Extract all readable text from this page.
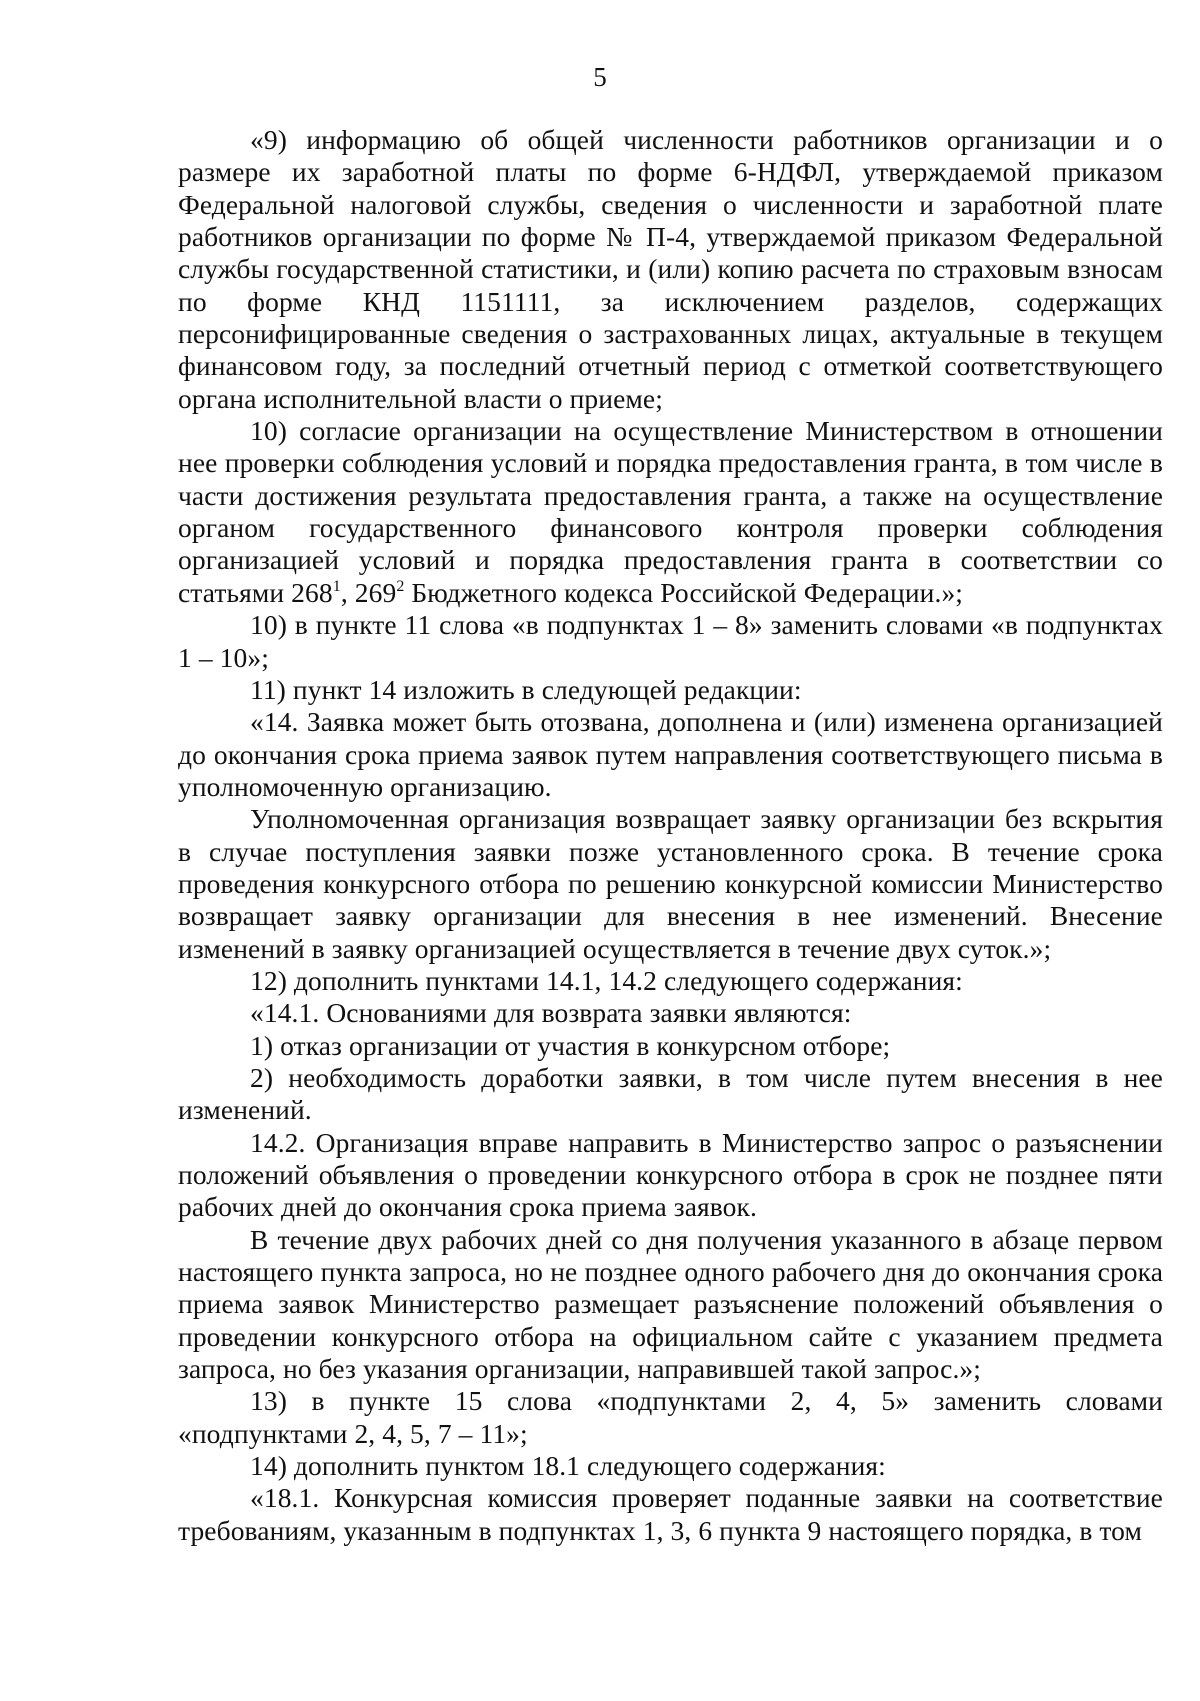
5

«9) информацию об общей численности работников организации и о размере их заработной платы по форме 6-НДФЛ, утверждаемой приказом Федеральной налоговой службы, сведения о численности и заработной плате работников организации по форме № П-4, утверждаемой приказом Федеральной службы государственной статистики, и (или) копию расчета по страховым взносам по форме КНД 1151111, за исключением разделов, содержащих персонифицированные сведения о застрахованных лицах, актуальные в текущем финансовом году, за последний отчетный период с отметкой соответствующего органа исполнительной власти о приеме;

10) согласие организации на осуществление Министерством в отношении нее проверки соблюдения условий и порядка предоставления гранта, в том числе в части достижения результата предоставления гранта, а также на осуществление органом государственного финансового контроля проверки соблюдения организацией условий и порядка предоставления гранта в соответствии со статьями $268^1$, $269^2$ Бюджетного кодекса Российской Федерации.»;

10) в пункте 11 слова «в подпунктах 1 – 8» заменить словами «в подпунктах 1 – 10»;

11) пункт 14 изложить в следующей редакции:

«14. Заявка может быть отозвана, дополнена и (или) изменена организацией до окончания срока приема заявок путем направления соответствующего письма в уполномоченную организацию.

Уполномоченная организация возвращает заявку организации без вскрытия в случае поступления заявки позже установленного срока. В течение срока проведения конкурсного отбора по решению конкурсной комиссии Министерство возвращает заявку организации для внесения в нее изменений. Внесение изменений в заявку организацией осуществляется в течение двух суток.»;

12) дополнить пунктами 14.1, 14.2 следующего содержания:

«14.1. Основаниями для возврата заявки являются:

1) отказ организации от участия в конкурсном отборе;

2) необходимость доработки заявки, в том числе путем внесения в нее изменений.

14.2. Организация вправе направить в Министерство запрос о разъяснении положений объявления о проведении конкурсного отбора в срок не позднее пяти рабочих дней до окончания срока приема заявок.

В течение двух рабочих дней со дня получения указанного в абзаце первом настоящего пункта запроса, но не позднее одного рабочего дня до окончания срока приема заявок Министерство размещает разъяснение положений объявления о проведении конкурсного отбора на официальном сайте с указанием предмета запроса, но без указания организации, направившей такой запрос.»;

13) в пункте 15 слова «подпунктами 2, 4, 5» заменить словами «подпунктами 2, 4, 5, 7 – 11»;

14) дополнить пунктом 18.1 следующего содержания:

«18.1. Конкурсная комиссия проверяет поданные заявки на соответствие требованиям, указанным в подпунктах 1, 3, 6 пункта 9 настоящего порядка, в том
